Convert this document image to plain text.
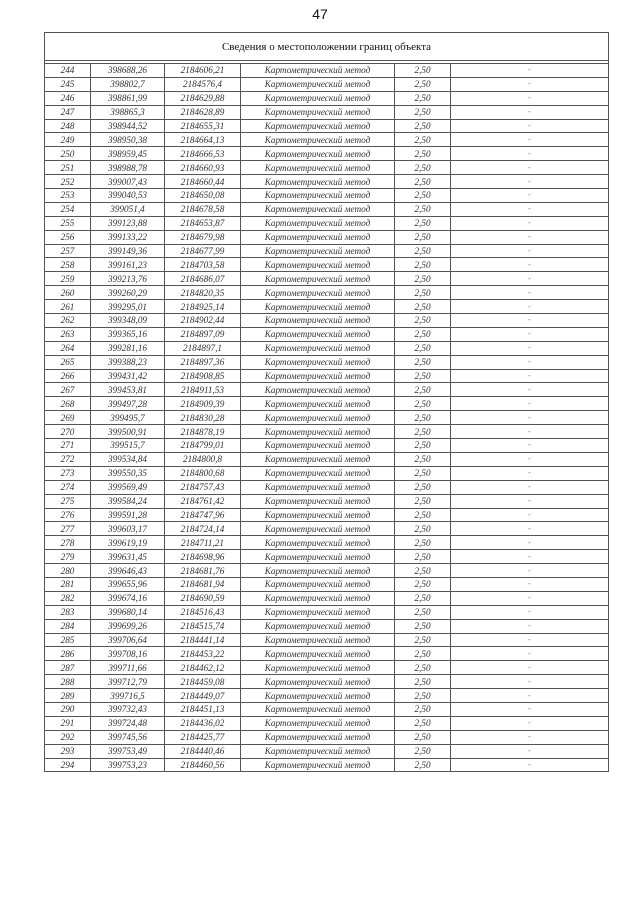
47
Сведения о местоположении границ объекта					

244	398688,26	2184606,21	Картометрический метод	2,50	-
245	398802,7	2184576,4	Картометрический метод	2,50	-
246	398861,99	2184629,88	Картометрический метод	2,50	-
247	398865,3	2184628,89	Картометрический метод	2,50	-
248	398944,52	2184655,31	Картометрический метод	2,50	-
249	398950,38	2184664,13	Картометрический метод	2,50	-
250	398959,45	2184666,53	Картометрический метод	2,50	-
251	398988,78	2184660,93	Картометрический метод	2,50	-
252	399007,43	2184660,44	Картометрический метод	2,50	-
253	399040,53	2184650,08	Картометрический метод	2,50	-
254	399051,4	2184678,58	Картометрический метод	2,50	-
255	399123,88	2184653,87	Картометрический метод	2,50	-
256	399133,22	2184679,98	Картометрический метод	2,50	-
257	399149,36	2184677,99	Картометрический метод	2,50	-
258	399161,23	2184703,58	Картометрический метод	2,50	-
259	399213,76	2184686,07	Картометрический метод	2,50	-
260	399260,29	2184820,35	Картометрический метод	2,50	-
261	399295,01	2184925,14	Картометрический метод	2,50	-
262	399348,09	2184902,44	Картометрический метод	2,50	-
263	399365,16	2184897,09	Картометрический метод	2,50	-
264	399281,16	2184897,1	Картометрический метод	2,50	-
265	399388,23	2184897,36	Картометрический метод	2,50	-
266	399431,42	2184908,85	Картометрический метод	2,50	-
267	399453,81	2184911,53	Картометрический метод	2,50	-
268	399497,28	2184909,39	Картометрический метод	2,50	-
269	399495,7	2184830,28	Картометрический метод	2,50	-
270	399500,91	2184878,19	Картометрический метод	2,50	-
271	399515,7	2184799,01	Картометрический метод	2,50	-
272	399534,84	2184800,8	Картометрический метод	2,50	-
273	399550,35	2184800,68	Картометрический метод	2,50	-
274	399569,49	2184757,43	Картометрический метод	2,50	-
275	399584,24	2184761,42	Картометрический метод	2,50	-
276	399591,28	2184747,96	Картометрический метод	2,50	-
277	399603,17	2184724,14	Картометрический метод	2,50	-
278	399619,19	2184711,21	Картометрический метод	2,50	-
279	399631,45	2184698,96	Картометрический метод	2,50	-
280	399646,43	2184681,76	Картометрический метод	2,50	-
281	399655,96	2184681,94	Картометрический метод	2,50	-
282	399674,16	2184690,59	Картометрический метод	2,50	-
283	399680,14	2184516,43	Картометрический метод	2,50	-
284	399699,26	2184515,74	Картометрический метод	2,50	-
285	399706,64	2184441,14	Картометрический метод	2,50	-
286	399708,16	2184453,22	Картометрический метод	2,50	-
287	399711,66	2184462,12	Картометрический метод	2,50	-
288	399712,79	2184459,08	Картометрический метод	2,50	-
289	399716,5	2184449,07	Картометрический метод	2,50	-
290	399732,43	2184451,13	Картометрический метод	2,50	-
291	399724,48	2184436,02	Картометрический метод	2,50	-
292	399745,56	2184425,77	Картометрический метод	2,50	-
293	399753,49	2184440,46	Картометрический метод	2,50	-
294	399753,23	2184460,56	Картометрический метод	2,50	-
